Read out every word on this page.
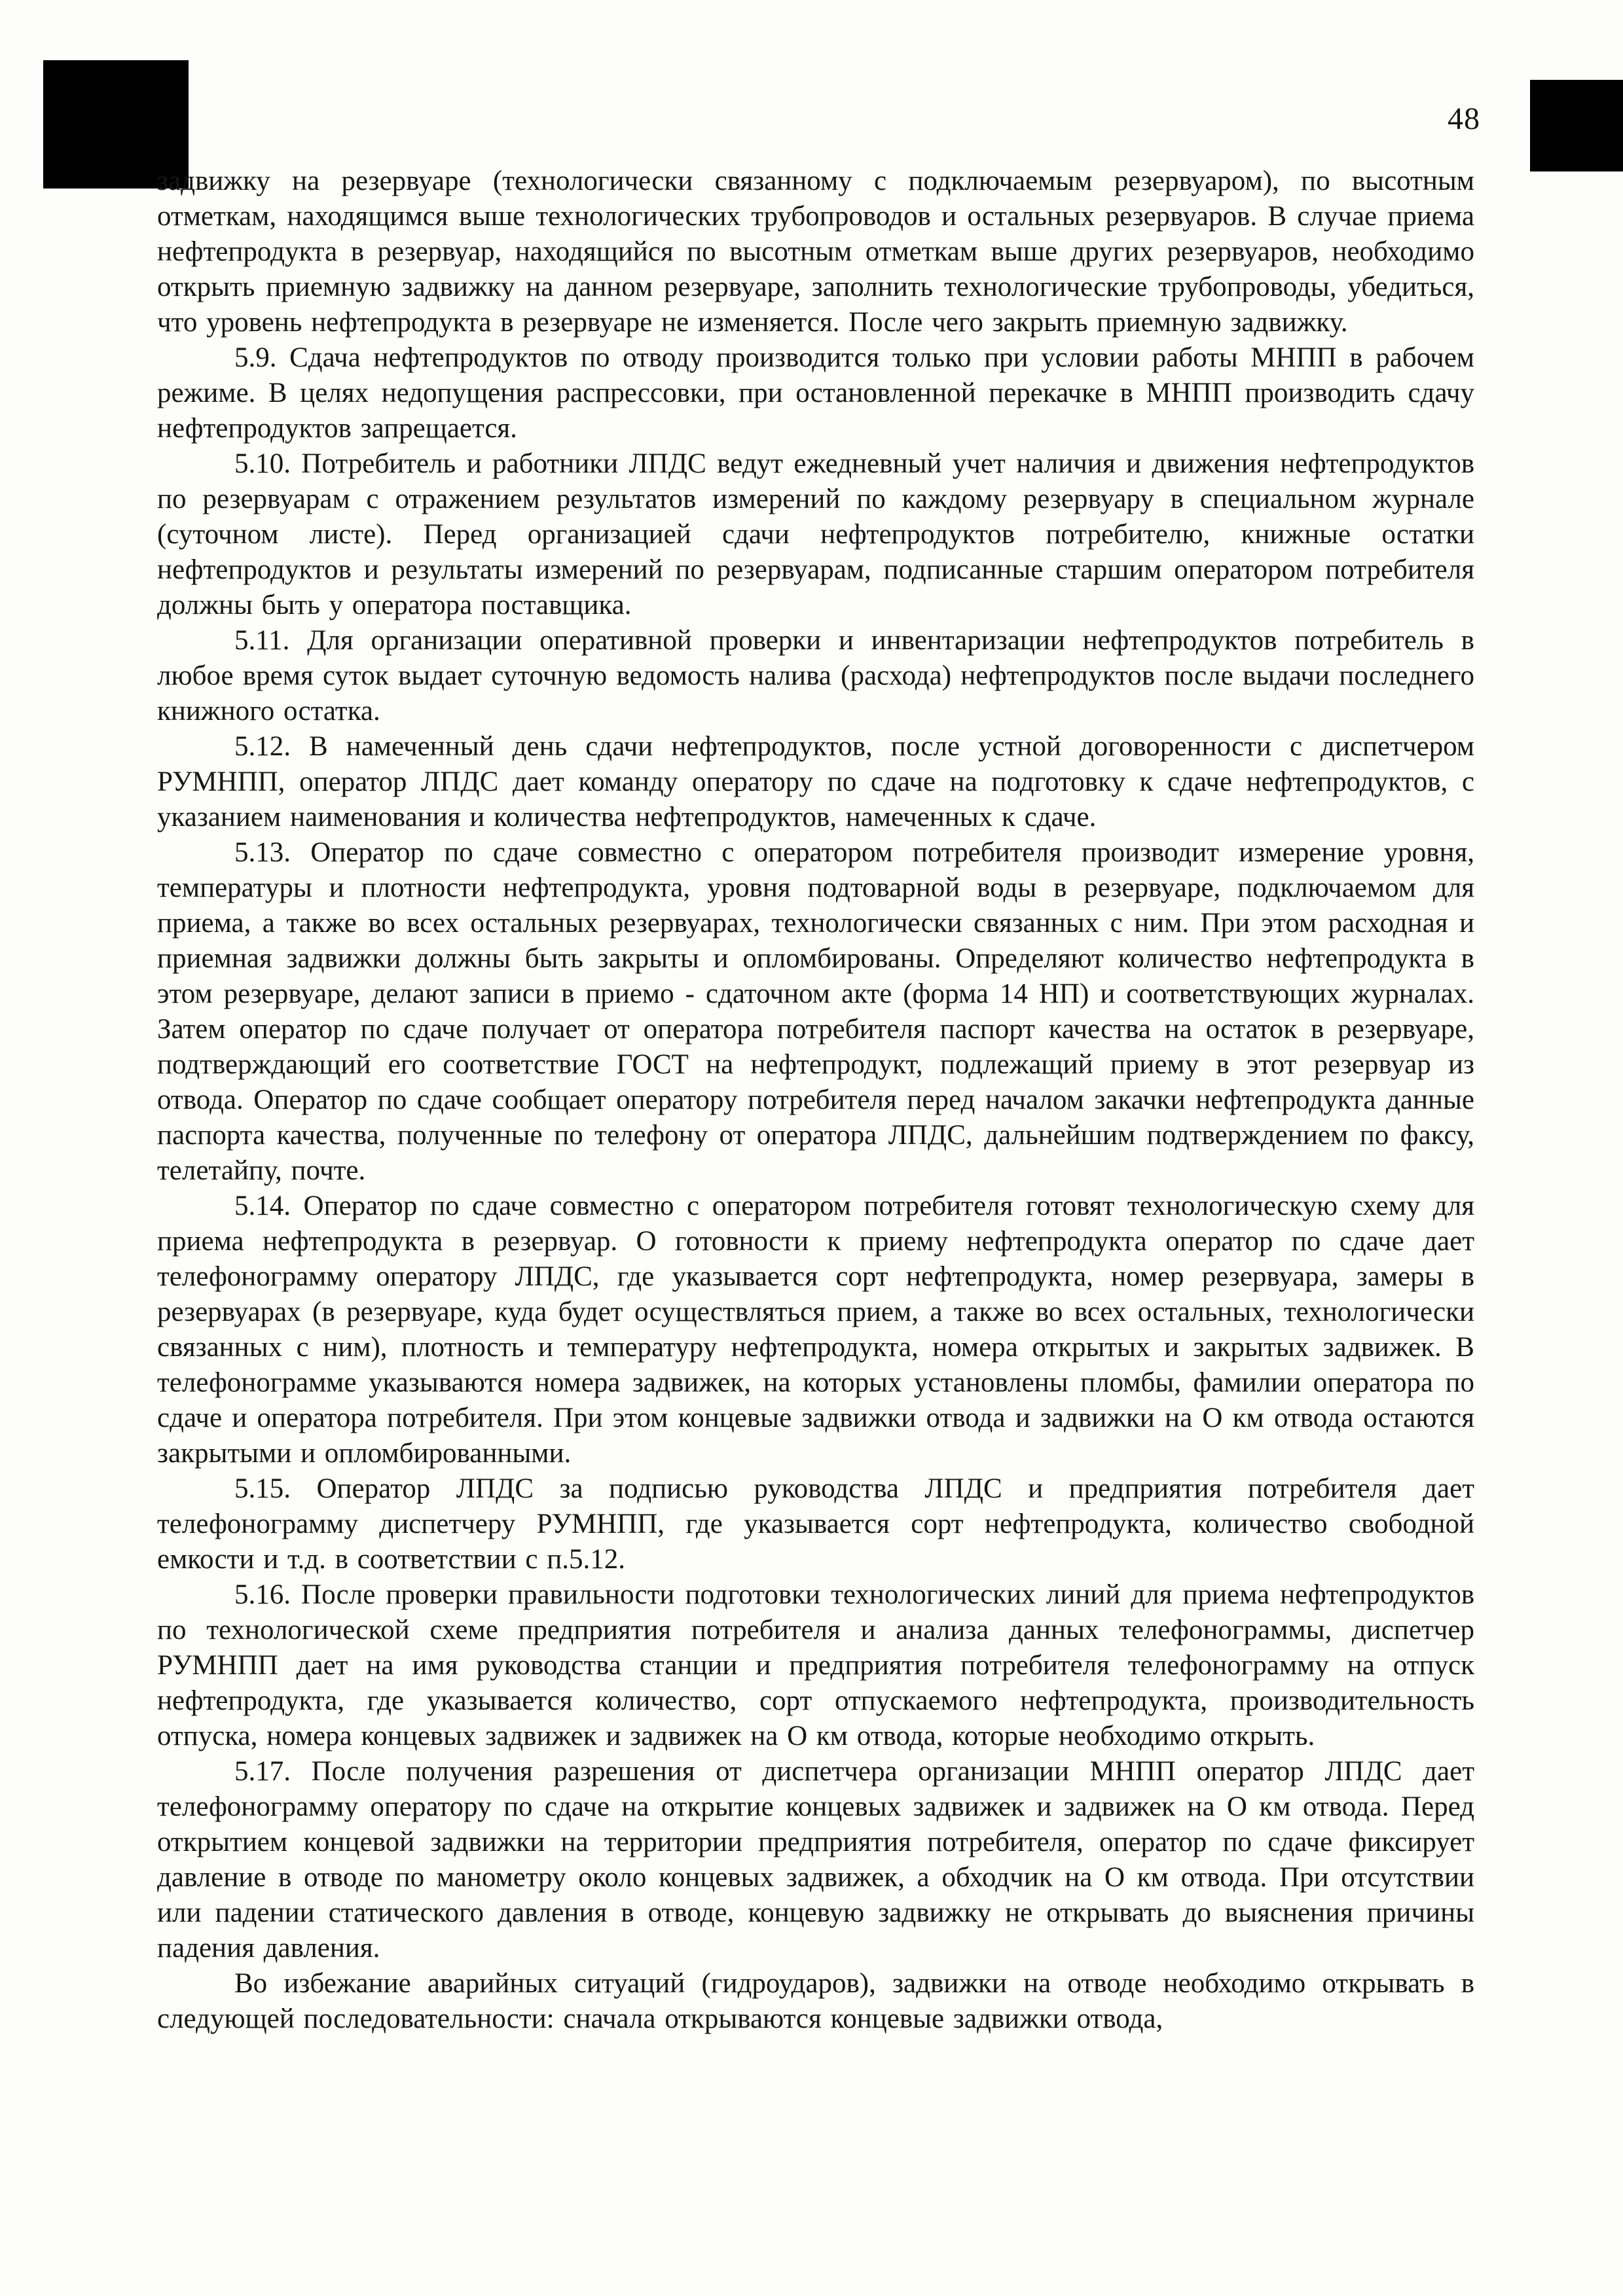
48

задвижку на резервуаре (технологически связанному с подключаемым резервуаром), по высотным отметкам, находящимся выше технологических трубопроводов и остальных резервуаров. В случае приема нефтепродукта в резервуар, находящийся по высотным отметкам выше других резервуаров, необходимо открыть приемную задвижку на данном резервуаре, заполнить технологические трубопроводы, убедиться, что уровень нефтепродукта в резервуаре не изменяется. После чего закрыть приемную задвижку.

5.9. Сдача нефтепродуктов по отводу производится только при условии работы МНПП в рабочем режиме. В целях недопущения распрессовки, при остановленной перекачке в МНПП производить сдачу нефтепродуктов запрещается.

5.10. Потребитель и работники ЛПДС ведут ежедневный учет наличия и движения нефтепродуктов по резервуарам с отражением результатов измерений по каждому резервуару в специальном журнале (суточном листе). Перед организацией сдачи нефтепродуктов потребителю, книжные остатки нефтепродуктов и результаты измерений по резервуарам, подписанные старшим оператором потребителя должны быть у оператора поставщика.

5.11. Для организации оперативной проверки и инвентаризации нефтепродуктов потребитель в любое время суток выдает суточную ведомость налива (расхода) нефтепродуктов после выдачи последнего книжного остатка.

5.12. В намеченный день сдачи нефтепродуктов, после устной договоренности с диспетчером РУМНПП, оператор ЛПДС дает команду оператору по сдаче на подготовку к сдаче нефтепродуктов, с указанием наименования и количества нефтепродуктов, намеченных к сдаче.

5.13. Оператор по сдаче совместно с оператором потребителя производит измерение уровня, температуры и плотности нефтепродукта, уровня подтоварной воды в резервуаре, подключаемом для приема, а также во всех остальных резервуарах, технологически связанных с ним. При этом расходная и приемная задвижки должны быть закрыты и опломбированы. Определяют количество нефтепродукта в этом резервуаре, делают записи в приемо - сдаточном акте (форма 14 НП) и соответствующих журналах. Затем оператор по сдаче получает от оператора потребителя паспорт качества на остаток в резервуаре, подтверждающий его соответствие ГОСТ на нефтепродукт, подлежащий приему в этот резервуар из отвода. Оператор по сдаче сообщает оператору потребителя перед началом закачки нефтепродукта данные паспорта качества, полученные по телефону от оператора ЛПДС, дальнейшим подтверждением по факсу, телетайпу, почте.

5.14. Оператор по сдаче совместно с оператором потребителя готовят технологическую схему для приема нефтепродукта в резервуар. О готовности к приему нефтепродукта оператор по сдаче дает телефонограмму оператору ЛПДС, где указывается сорт нефтепродукта, номер резервуара, замеры в резервуарах (в резервуаре, куда будет осуществляться прием, а также во всех остальных, технологически связанных с ним), плотность и температуру нефтепродукта, номера открытых и закрытых задвижек. В телефонограмме указываются номера задвижек, на которых установлены пломбы, фамилии оператора по сдаче и оператора потребителя. При этом концевые задвижки отвода и задвижки на О км отвода остаются закрытыми и опломбированными.

5.15. Оператор ЛПДС за подписью руководства ЛПДС и предприятия потребителя дает телефонограмму диспетчеру РУМНПП, где указывается сорт нефтепродукта, количество свободной емкости и т.д. в соответствии с п.5.12.

5.16. После проверки правильности подготовки технологических линий для приема нефтепродуктов по технологической схеме предприятия потребителя и анализа данных телефонограммы, диспетчер РУМНПП дает на имя руководства станции и предприятия потребителя телефонограмму на отпуск нефтепродукта, где указывается количество, сорт отпускаемого нефтепродукта, производительность отпуска, номера концевых задвижек и задвижек на О км отвода, которые необходимо открыть.

5.17. После получения разрешения от диспетчера организации МНПП оператор ЛПДС дает телефонограмму оператору по сдаче на открытие концевых задвижек и задвижек на О км отвода. Перед открытием концевой задвижки на территории предприятия потребителя, оператор по сдаче фиксирует давление в отводе по манометру около концевых задвижек, а обходчик на О км отвода. При отсутствии или падении статического давления в отводе, концевую задвижку не открывать до выяснения причины падения давления.

Во избежание аварийных ситуаций (гидроударов), задвижки на отводе необходимо открывать в следующей последовательности: сначала открываются концевые задвижки отвода,
